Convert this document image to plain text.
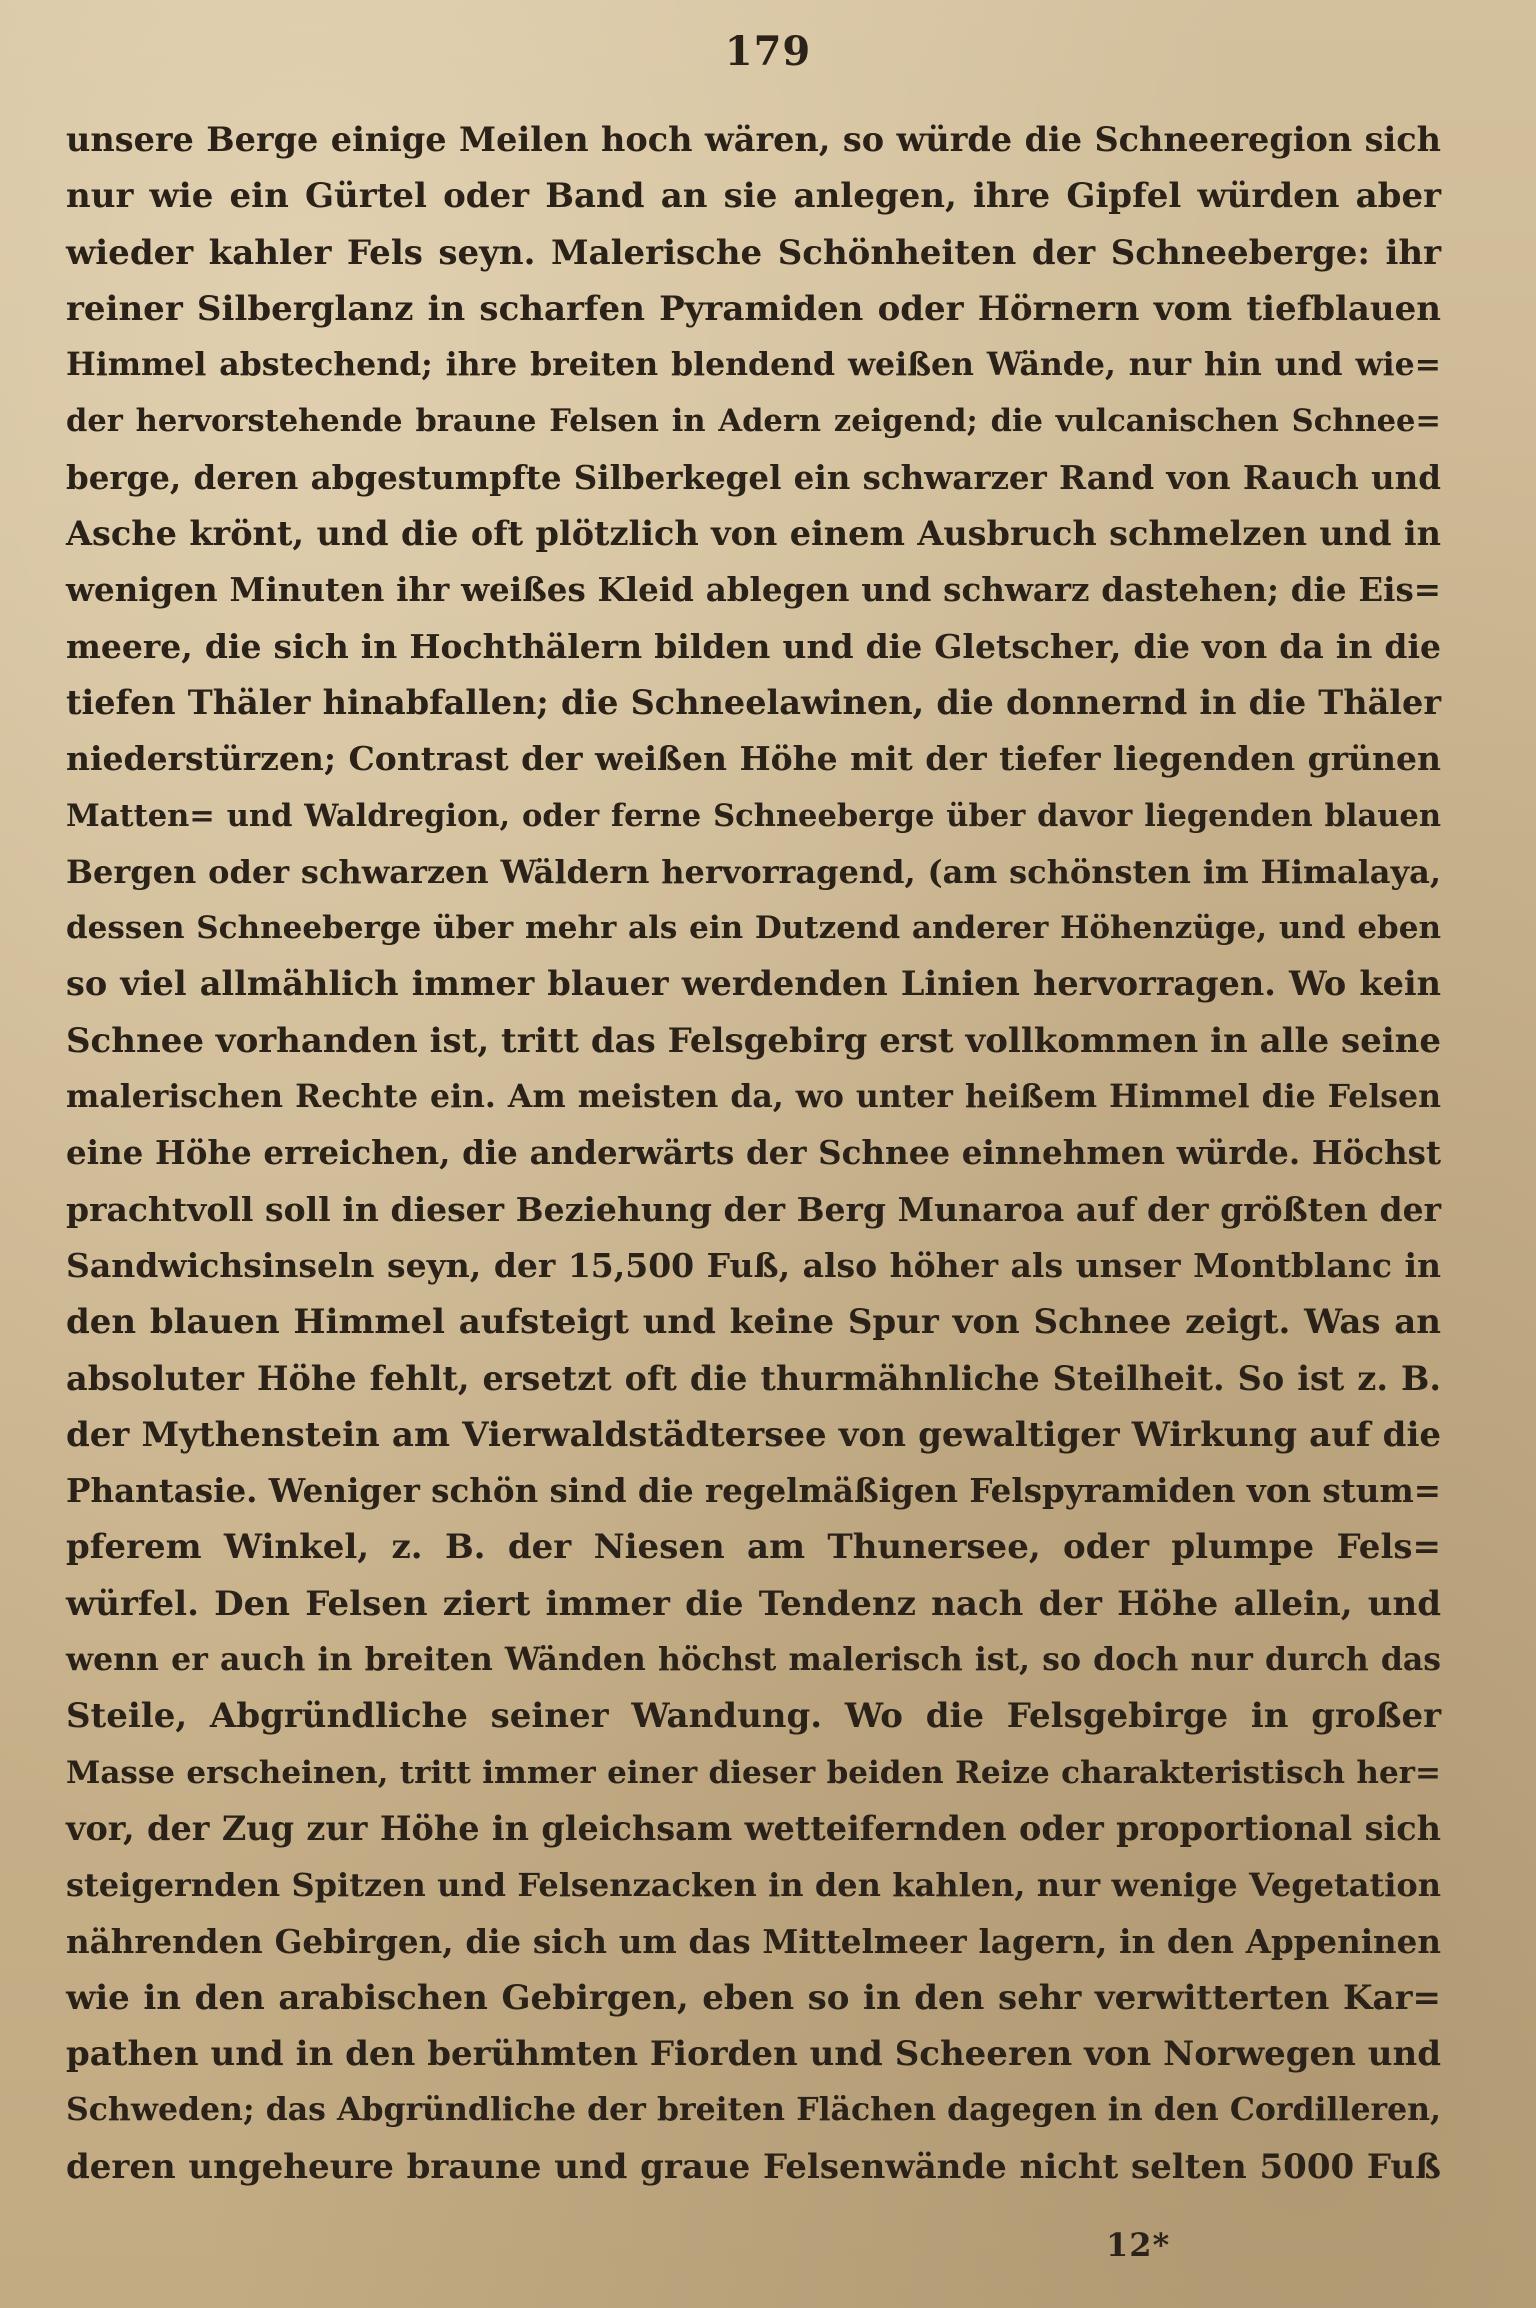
179
unsere Berge einige Meilen hoch wären, so würde die Schneeregion sich
nur wie ein Gürtel oder Band an sie anlegen, ihre Gipfel würden aber
wieder kahler Fels seyn. Malerische Schönheiten der Schneeberge: ihr
reiner Silberglanz in scharfen Pyramiden oder Hörnern vom tiefblauen
Himmel abstechend; ihre breiten blendend weißen Wände, nur hin und wie=
der hervorstehende braune Felsen in Adern zeigend; die vulcanischen Schnee=
berge, deren abgestumpfte Silberkegel ein schwarzer Rand von Rauch und
Asche krönt, und die oft plötzlich von einem Ausbruch schmelzen und in
wenigen Minuten ihr weißes Kleid ablegen und schwarz dastehen; die Eis=
meere, die sich in Hochthälern bilden und die Gletscher, die von da in die
tiefen Thäler hinabfallen; die Schneelawinen, die donnernd in die Thäler
niederstürzen; Contrast der weißen Höhe mit der tiefer liegenden grünen
Matten= und Waldregion, oder ferne Schneeberge über davor liegenden blauen
Bergen oder schwarzen Wäldern hervorragend, (am schönsten im Himalaya,
dessen Schneeberge über mehr als ein Dutzend anderer Höhenzüge, und eben
so viel allmählich immer blauer werdenden Linien hervorragen. Wo kein
Schnee vorhanden ist, tritt das Felsgebirg erst vollkommen in alle seine
malerischen Rechte ein. Am meisten da, wo unter heißem Himmel die Felsen
eine Höhe erreichen, die anderwärts der Schnee einnehmen würde. Höchst
prachtvoll soll in dieser Beziehung der Berg Munaroa auf der größten der
Sandwichsinseln seyn, der 15,500 Fuß, also höher als unser Montblanc in
den blauen Himmel aufsteigt und keine Spur von Schnee zeigt. Was an
absoluter Höhe fehlt, ersetzt oft die thurmähnliche Steilheit. So ist z. B.
der Mythenstein am Vierwaldstädtersee von gewaltiger Wirkung auf die
Phantasie. Weniger schön sind die regelmäßigen Felspyramiden von stum=
pferem Winkel, z. B. der Niesen am Thunersee, oder plumpe Fels=
würfel. Den Felsen ziert immer die Tendenz nach der Höhe allein, und
wenn er auch in breiten Wänden höchst malerisch ist, so doch nur durch das
Steile, Abgründliche seiner Wandung. Wo die Felsgebirge in großer
Masse erscheinen, tritt immer einer dieser beiden Reize charakteristisch her=
vor, der Zug zur Höhe in gleichsam wetteifernden oder proportional sich
steigernden Spitzen und Felsenzacken in den kahlen, nur wenige Vegetation
nährenden Gebirgen, die sich um das Mittelmeer lagern, in den Appeninen
wie in den arabischen Gebirgen, eben so in den sehr verwitterten Kar=
pathen und in den berühmten Fiorden und Scheeren von Norwegen und
Schweden; das Abgründliche der breiten Flächen dagegen in den Cordilleren,
deren ungeheure braune und graue Felsenwände nicht selten 5000 Fuß
12*
